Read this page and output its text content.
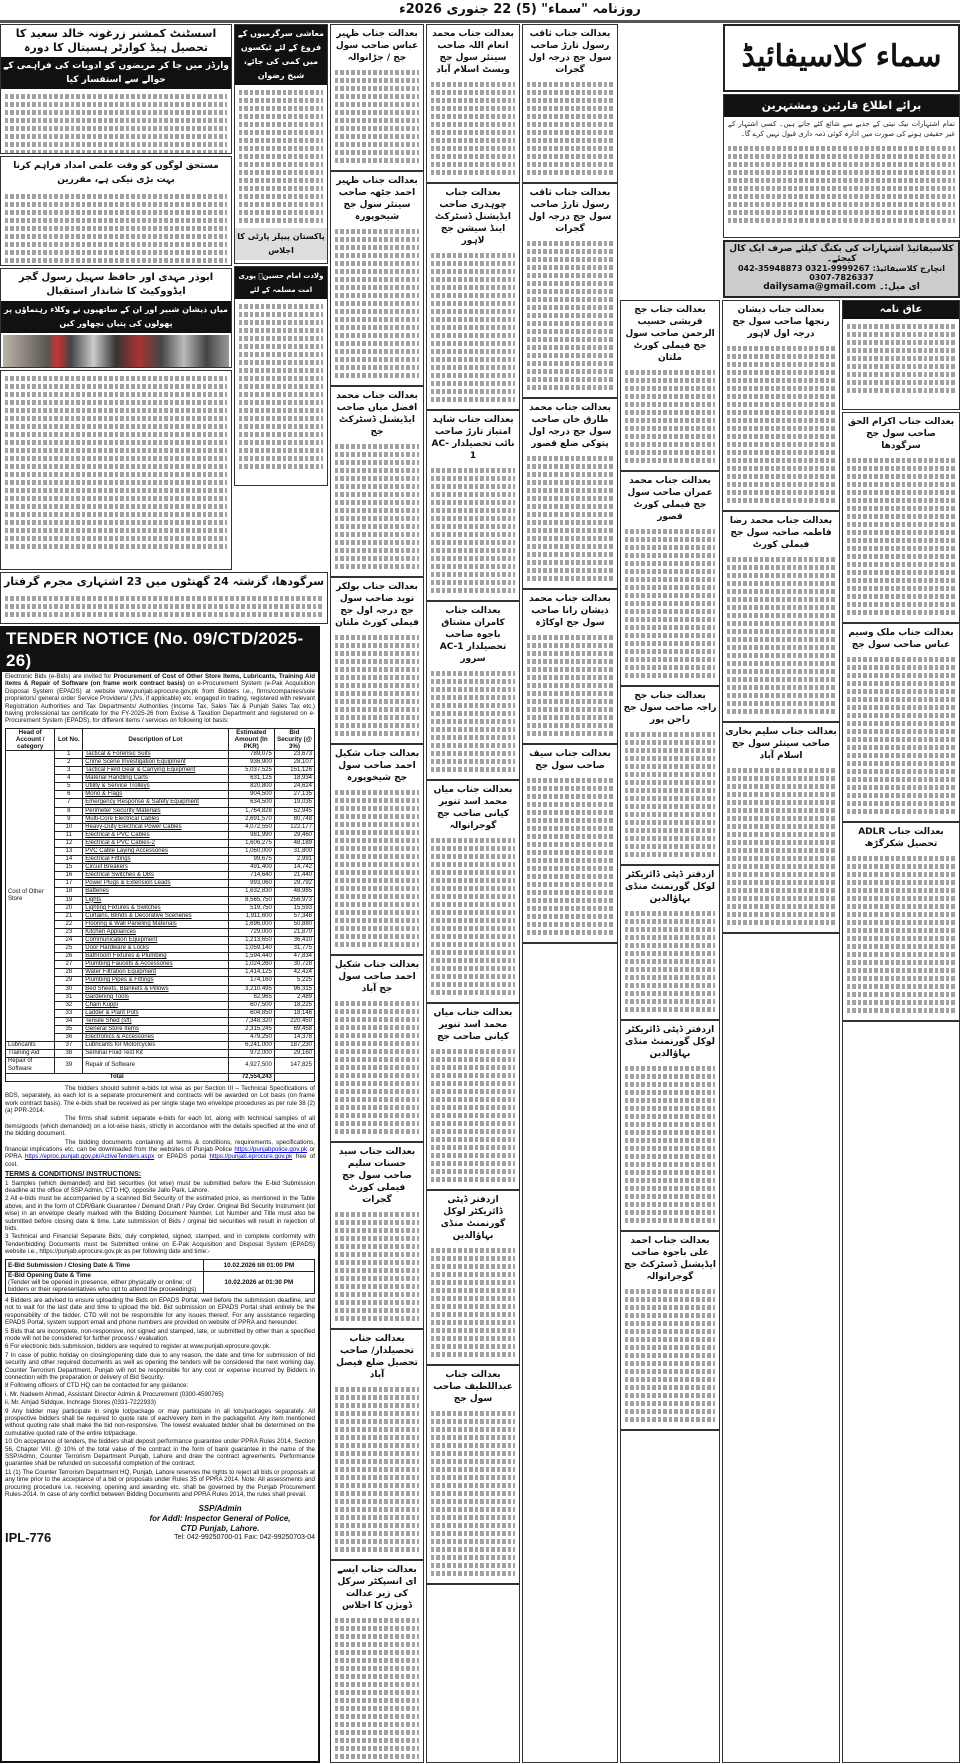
روزنامہ "سماء" (5) 22 جنوری 2026ء
اسسٹنٹ کمشنر زرغونہ خالد سعید کا تحصیل ہیڈ کوارٹر ہسپتال کا دورہ
وارڈز میں جا کر مریضوں کو ادویات کی فراہمی کے حوالے سے استفسار کیا
معاشی سرگرمیوں کے فروغ کے لئے ٹیکسوں میں کمی کی جائے، شیخ رضوان
پاکستان پیپلز پارٹی کا اجلاس
مستحق لوگوں کو وقت علمی امداد فراہم کرنا بہت بڑی نیکی ہے، مقررین
ابوذر مہدی اور حافظ سہیل رسول گجر ایڈووکیٹ کا شاندار استقبال
میاں ذیشان شبیر اور ان کے ساتھیوں نے وکلاء رہنماؤں پر پھولوں کی پتیاں نچھاور کیں
ولادت امام حسینؑ پوری امت مسلمہ کے لئے
سرگودھا، گزشتہ 24 گھنٹوں میں 23 اشتہاری مجرم گرفتار
TENDER NOTICE (No. 09/CTD/2025-26)

Electronic Bids (e-Bids) are invited for Procurement of Cost of Other Store Items, Lubricants, Training Aid items & Repair of Software (on frame work contract basis) on e-Procurement System (e-Pak Acquisition Disposal System (EPADS) at website www.punjab.eprocure.gov.pk from Bidders i.e., firms/companies/sole proprietors/ general order Service Providers/ (JVs, if applicable) etc. engaged in trading, registered with relevant Registration Authorities and Tax Departments/ Authorities (Income Tax, Sales Tax & Punjab Sales Tax etc.) having professional tax certificate for the FY-2025-26 from Excise & Taxation Department and registered on e-Procurement System (EPADS), for different items / services on following lot basis:

Head of Account / category	Lot No.	Description of Lot	Estimated Amount (In PKR)	Bid Security (@ 3%)
Cost of Other Store	1	Tactical & Forensic Suits	789,075	23,673
	2	Crime Scene Investigation Equipment	936,900	28,107
	3	Tactical Field Gear & Carrying Equipment	5,037,525	151,126
	4	Material Handling Carts	631,125	18,934
	5	Utility & Service Trolleys	820,800	24,624
	6	Mono & Flags	904,500	27,135
	7	Emergency Response & Safety Equipment	634,500	19,035
	8	Perimeter Security Materials	1,764,828	52,945
	9	Multi-Core Electrical Cables	2,691,570	80,748
	10	Heavy-Duty Electrical Power Cables	4,072,550	122,177
	11	Electrical & PVC Cables	981,990	29,460
	12	Electrical & PVC Cables-2	1,606,275	48,189
	13	PVC Cable Laying Accessories	1,060,000	31,800
	14	Electrical Fittings	99,675	2,991
	15	Circuit Breakers	491,400	14,742
	16	Electrical Switches & DBs	714,640	21,440
	17	Power Plugs & Extension Leads	993,060	29,792
	18	Batteries	1,632,830	48,985
	19	Lights	8,565,750	256,973
	20	Lighting Fixtures & Switches	519,750	15,593
	21	Curtains, Blinds & Decorative Sceneries	1,911,600	57,348
	22	Flooring & Wall Paneling Materials	1,696,000	50,880
	23	Kitchen Appliances	729,000	21,870
	24	Communication Equipment	1,213,650	36,410
	25	Door Hardware & Locks	1,059,140	31,775
	26	Bathroom Fixtures & Plumbing	1,594,440	47,834
	27	Plumbing Faucets & Accessories	1,024,260	30,728
	28	Water Filtration Equipment	1,414,125	42,424
	29	Plumbing Pipes & Fittings	174,160	5,225
	30	Bed Sheets, Blankets & Pillows	3,210,495	96,315
	31	Gardening Tools	82,965	2,489
	32	Chain Kuppi	607,500	18,225
	33	Ladder & Plant Pots	604,850	18,146
	34	Tensile Shed (sft)	7,348,320	220,450
	35	General Store Items	2,315,245	69,458
	36	Electronics & Accessories	479,250	14,378
Lubricants	37	Lubricants for Motorcycles	6,241,000	187,230
Training Aid	38	Seminal Fluid Test Kit	972,000	29,160
Repair of Software	39	Repair of Software	4,927,500	147,825
Total			72,554,243	

The bidders should submit e-bids lot wise as per Section III – Technical Specifications of BDS, separately, as each lot is a separate procurement and contracts will be awarded on Lot basis (on frame work contract basis). The e-bids shall be received as per single stage two envelope procedures as per rule 38 (2) (a) PPR-2014.

The firms shall submit separate e-bids for each lot, along with technical samples of all items/goods (which demanded) on a lot-wise basis, strictly in accordance with the details specified at the end of the bidding document.

The bidding documents containing all terms & conditions, requirements, specifications, financial implications etc. can be downloaded from the websites of Punjab Police https://punjabpolice.gov.pk or PPRA https://eproc.punjab.gov.pk/ActiveTenders.aspx or EPADS portal https://punjab.eprocure.gov.pk free of cost.

TERMS & CONDITIONS/ INSTRUCTIONS:

1 Samples (which demanded) and bid securities (lot wise) must be submitted before the E-bid Submission deadline at the office of SSP Admin, CTD HQ, opposite Jallo Park, Lahore.

2 All e-bids must be accompanied by a scanned Bid Security of the estimated price, as mentioned in the Table above, and in the form of CDR/Bank Guarantee / Demand Draft / Pay Order. Original Bid Security Instrument (lot wise) in an envelope clearly marked with the Bidding Document Number, Lot Number and Title must also be submitted before closing date & time. Late submission of Bids / orginal bid securities will result in rejection of bids.

3 Technical and Financial Separate Bids, duly completed, signed, stamped, and in complete conformity with Tender/bidding Documents must be Submitted online on E-Pak Acquisition and Disposal System (EPADS) website i.e., https://punjab.eprocure.gov.pk as per following date and time:-

E-Bid Submission / Closing Date & Time	10.02.2026 till 01:00 PM
E-Bid Opening Date & Time
(Tender will be opened in presence, either physically or online; of bidders or their representatives who opt to attend the proceedings)	10.02.2026 at 01:30 PM

4 Bidders are advised to ensure uploading the Bids on EPADS Portal, well before the submission deadline, and not to wait for the last date and time to upload the bid. Bid submission on EPADS Portal shall entirely be the responsibility of the bidder. CTD will not be responsible for any issues thereof. For any assistance regarding EPADS Portal, system support email and phone numbers are provided on website of PPRA and hereunder.

5 Bids that are incomplete, non-responsive, not signed and stamped, late, or submitted by other than a specified mode will not be considered for further process / evaluation.

6 For electronic bids submission, bidders are required to register at www.punjab.eprocure.gov.pk.

7 In case of public holiday on closing/opening date due to any reason, the date and time for submission of bid security and other required documents as well as opening the tenders will be considered the next working day. Counter Terrorism Department, Punjab will not be responsible for any cost or expense incurred by Bidders in connection with the preparation or delivery of Bid Security.

8 Following officers of CTD HQ can be contacted for any guidance:

i. Mr. Nadeem Ahmad, Assistant Director Admin & Procurement (0300-4590765)

ii. Mr. Amjad Siddque, Inchrage Stores (0331-7222933)

9 Any bidder may participate in single lot/package or may participate in all lots/packages separately. All prospective bidders shall be required to quote rate of each/every item in the package/lot. Any item mentioned without quoting rate shall make the bid non-responsive. The lowest evaluated bidder shall be determined on the cumulative quoted rate of the entire lot/package.

10 On acceptance of tenders, the bidders shall deposit performance guarantee under PPRA Rules 2014, Section 56, Chapter VIII. @ 10% of the total value of the contract in the form of bank guarantee in the name of the SSP/Admn, Counter Terrorism Department Punjab, Lahore and draw the contract agreements. Performance guarantee shall be refunded on successful completion of the contract.

11 (1) The Counter Terrorism Department HQ, Punjab, Lahore reserves the rights to reject all bids or proposals at any time prior to the acceptance of a bid or proposals under Rules 35 of PPRA 2014. Note: All assessments and procuring procedure i.e. receiving, opening and awarding etc. shall be governed by the Punjab Procurement Rules-2014. In case of any conflict between Bidding Documents and PPRA Rules 2014, the rules shall prevail.

SSP/Admin
for Addl: Inspector General of Police,
CTD Punjab, Lahore.
IPL-776	Tel: 042-99250700-01 Fax: 042-99250703-04
بعدالت جناب ظہیر عباس صاحب سول جج / جڑانوالہ
بعدالت جناب ظہیر احمد جٹھہ صاحب سینئر سول جج شیخوپورہ
بعدالت جناب محمد افضل میاں صاحب ایڈیشنل ڈسٹرکٹ جج
بعدالت جناب بولکر نوید صاحب سول جج درجہ اول جج فیملی کورٹ ملتان
بعدالت جناب شکیل احمد صاحب سول جج شیخوپورہ
بعدالت جناب شکیل احمد صاحب سول جج آباد
بعدالت جناب سید حسنات سلیم صاحب سول جج فیملی کورٹ گجرات
بعدالت جناب تحصیلدار/ صاحب تحصیل ضلع فیصل آباد
بعدالت جناب ایسے ای انسپکٹر سرکل کی زیر عدالت ڈویژن کا اجلاس
بعدالت جناب محمد انعام اللہ صاحب سینئر سول جج ویسٹ اسلام آباد
بعدالت جناب چوہدری صاحب ایڈیشنل ڈسٹرکٹ اینڈ سیشن جج لاہور
بعدالت جناب شاہد امتیاز تارڑ صاحب نائب تحصیلدار AC-1
بعدالت جناب کامران مشتاق باجوہ صاحب تحصیلدار AC-1 سرور
بعدالت جناب میاں محمد اسد تنویر کیانی صاحب جج گوجرانوالہ
بعدالت جناب میاں محمد اسد تنویر کیانی صاحب جج
ازدفتر ڈپٹی ڈائریکٹر لوکل گورنمنٹ منڈی بہاؤالدین
بعدالت جناب عبداللطیف صاحب سول جج
بعدالت جناب ثاقب رسول تارڑ صاحب سول جج درجہ اول گجرات
بعدالت جناب ثاقب رسول تارڑ صاحب سول جج درجہ اول گجرات
بعدالت جناب محمد طارق خان صاحب سول جج درجہ اول پتوکی ضلع قصور
بعدالت جناب محمد ذیشان رانا صاحب سول جج اوکاڑہ
بعدالت جناب سیف صاحب سول جج
بعدالت جناب جج قریشی حسیب الرحمن صاحب سول جج فیملی کورٹ ملتان
بعدالت جناب محمد عمران صاحب سول جج فیملی کورٹ قصور
بعدالت جناب جج راجہ صاحب سول جج راجن پور
ازدفتر ڈپٹی ڈائریکٹر لوکل گورنمنٹ منڈی بہاؤالدین
ازدفتر ڈپٹی ڈائریکٹر لوکل گورنمنٹ منڈی بہاؤالدین
بعدالت جناب احمد علی باجوہ صاحب ایڈیشنل ڈسٹرکٹ جج گوجرانوالہ
سماء کلاسیفائیڈ
برائے اطلاع قارئین ومشتہرین
تمام اشتہارات نیک نیتی کے جذبے سے شائع کئے جاتے ہیں۔ کسی اشتہار کے غیر حقیقی ہونے کی صورت میں ادارہ کوئی ذمہ داری قبول نہیں کرے گا۔
کلاسیفائیڈ اشتہارات کی بکنگ کیلئے صرف ایک کال کیجئے۔
انچارج کلاسیفائیڈ: 042-35948873 0321-9999267 0307-7826337
ای میل:۔ dailysama@gmail.com
عاق نامہ
بعدالت جناب ذیشان رنجھا صاحب سول جج درجہ اول لاہور
بعدالت جناب محمد رضا فاطمہ صاحبہ سول جج فیملی کورٹ
بعدالت جناب سلیم بخاری صاحب سینئر سول جج اسلام آباد
بعدالت جناب اکرام الحق صاحب سول جج سرگودھا
بعدالت جناب ملک وسیم عباس صاحب سول جج
بعدالت جناب ADLR تحصیل شکرگڑھ
